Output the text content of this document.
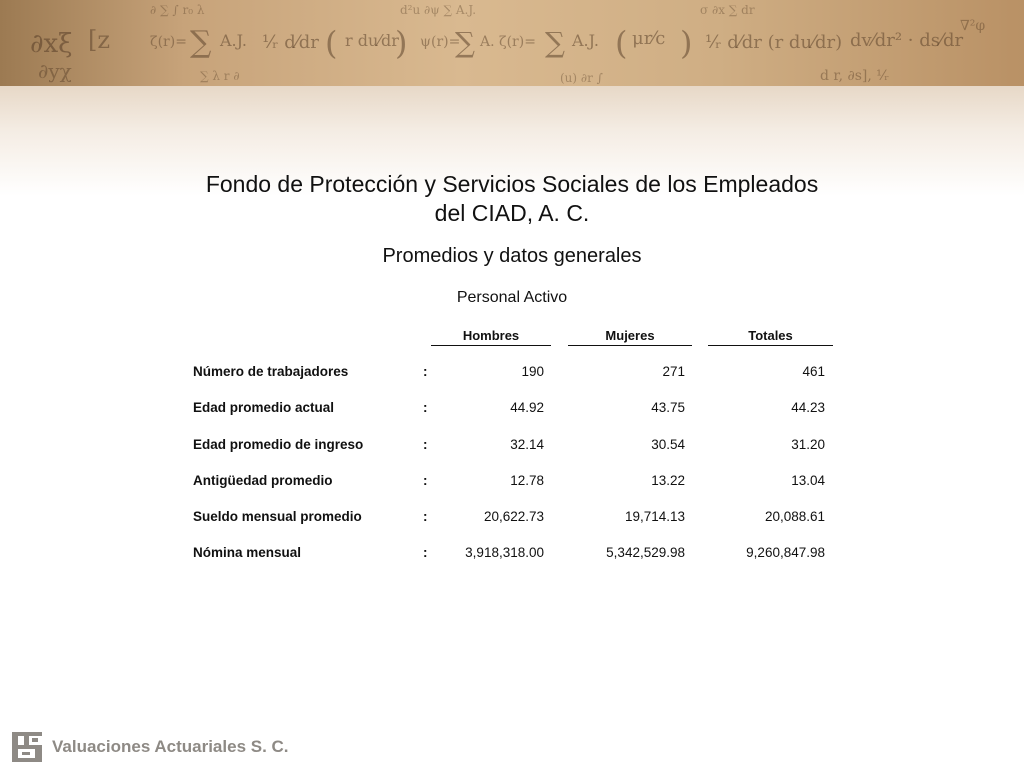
∂xξ
∂yχ
[z	ζ(r)= ∑ A.J. ¹⁄ᵣ d⁄dr ( r du⁄dr
) ψ(r)=
∑ A. ζ(r)= ∑ A.J. ( μr⁄c ) ¹⁄ᵣ d⁄dr (r du⁄dr) dv⁄dr² · ds⁄dr
∇²φ
∂ ∑ ∫ r₀ λ	d²u ∂ψ ∑ A.J.	σ ∂x ∑ dr
∑ λ r ∂	(u) ∂r ∫	d r, ∂s], ¹⁄ᵣ
Fondo de Protección y Servicios Sociales de los Empleados
del CIAD, A. C.
Promedios y datos generales
Personal Activo
Hombres	Mujeres	Totales
Número de trabajadores	:	190	271	461
Edad promedio actual	:	44.92	43.75	44.23
Edad promedio de ingreso	:	32.14	30.54	31.20
Antigüedad promedio	:	12.78	13.22	13.04
Sueldo mensual promedio	:	20,622.73	19,714.13	20,088.61
Nómina mensual	:	3,918,318.00	5,342,529.98	9,260,847.98
Valuaciones Actuariales S. C.
